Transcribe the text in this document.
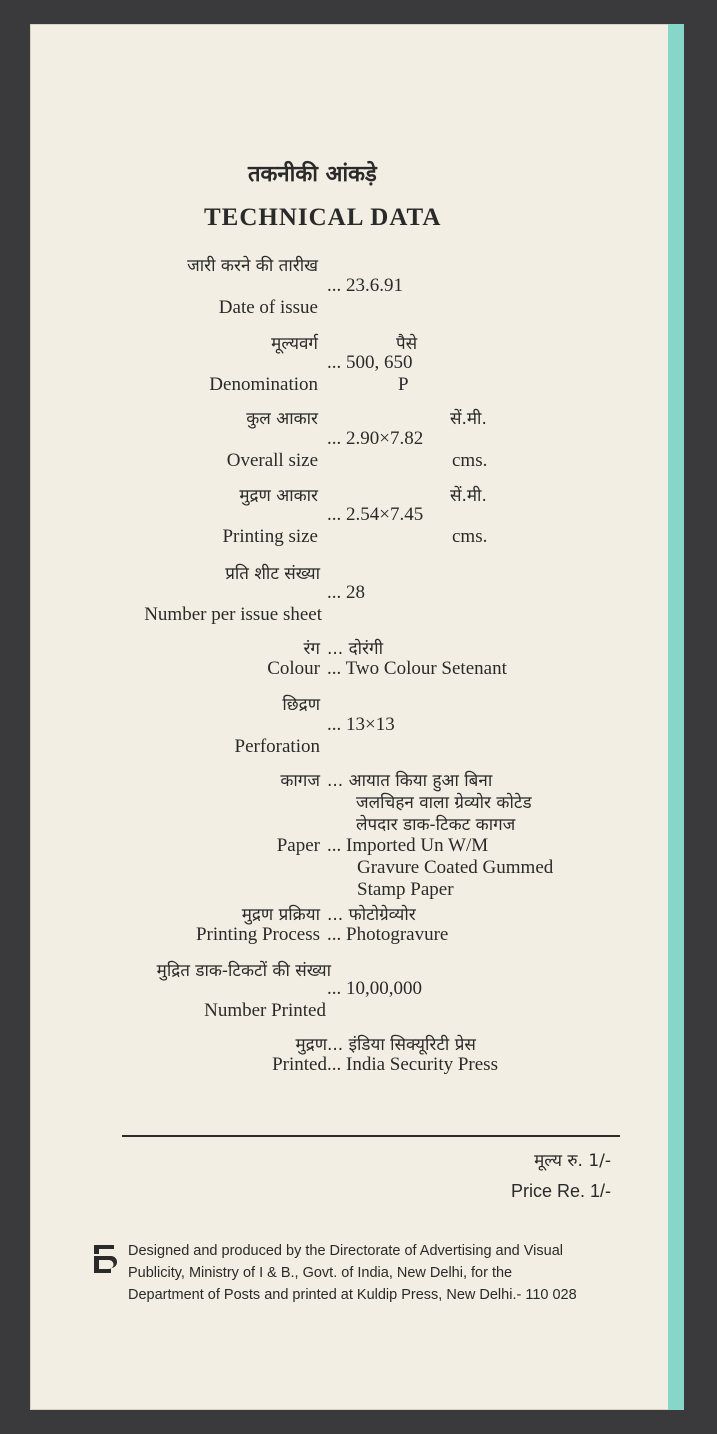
तकनीकी आंकड़े
TECHNICAL DATA
जारी करने की तारीख
... 23.6.91
Date of issue
मूल्यवर्ग	पैसे
... 500, 650
Denomination	P
कुल आकार	सें.मी.
... 2.90×7.82
Overall size	cms.
मुद्रण आकार	सें.मी.
... 2.54×7.45
Printing size	cms.
प्रति शीट संख्या
... 28
Number per issue sheet
रंग ... दोरंगी
Colour ... Two Colour Setenant
छिद्रण
... 13×13
Perforation
कागज ... आयात किया हुआ बिना
जलचिहन वाला ग्रेव्योर कोटेड
लेपदार डाक-टिकट कागज
Paper ... Imported Un W/M
Gravure Coated Gummed
Stamp Paper
मुद्रण प्रक्रिया ... फोटोग्रेव्योर
Printing Process ... Photogravure
मुद्रित डाक-टिकटों की संख्या
... 10,00,000
Number Printed
मुद्रण ... इंडिया सिक्यूरिटी प्रेस
Printed ... India Security Press
मूल्य रु. 1/-
Price Re. 1/-
Designed and produced by the Directorate of Advertising and Visual
Publicity, Ministry of I & B., Govt. of India, New Delhi, for the
Department of Posts and printed at Kuldip Press, New Delhi.- 110 028
